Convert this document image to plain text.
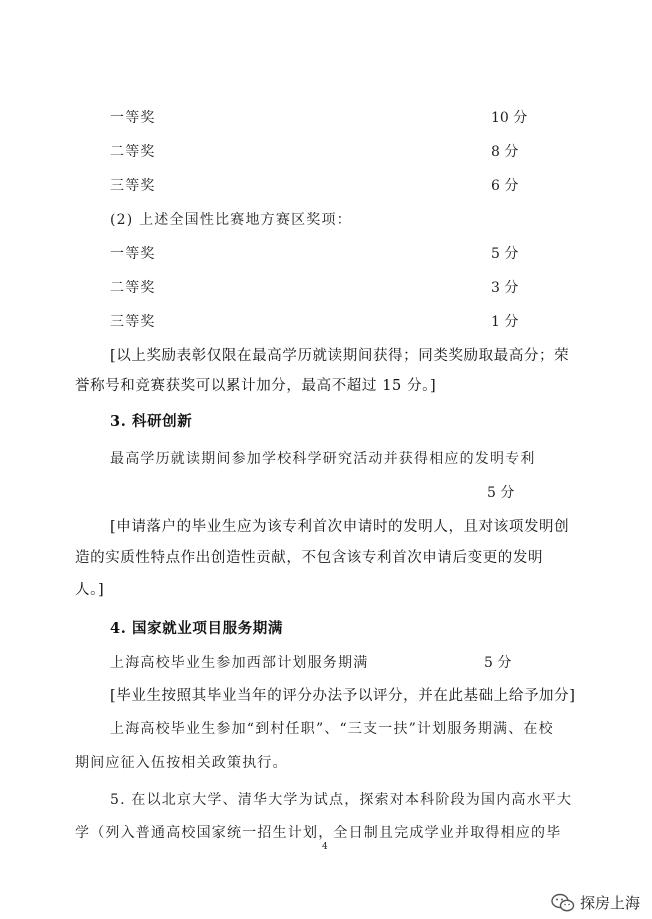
一等奖	10 分
二等奖	8 分
三等奖	6 分
(2) 上述全国性比赛地方赛区奖项：
一等奖	5 分
二等奖	3 分
三等奖	1 分
[以上奖励表彰仅限在最高学历就读期间获得；同类奖励取最高分；荣
誉称号和竞赛获奖可以累计加分，最高不超过 15 分。]
3. 科研创新
最高学历就读期间参加学校科学研究活动并获得相应的发明专利
5 分
[申请落户的毕业生应为该专利首次申请时的发明人，且对该项发明创
造的实质性特点作出创造性贡献，不包含该专利首次申请后变更的发明
人。]
4. 国家就业项目服务期满
上海高校毕业生参加西部计划服务期满	5 分
[毕业生按照其毕业当年的评分办法予以评分，并在此基础上给予加分]
上海高校毕业生参加“到村任职”、“三支一扶”计划服务期满、在校
期间应征入伍按相关政策执行。
5. 在以北京大学、清华大学为试点，探索对本科阶段为国内高水平大
学（列入普通高校国家统一招生计划，全日制且完成学业并取得相应的毕
4
探房上海
